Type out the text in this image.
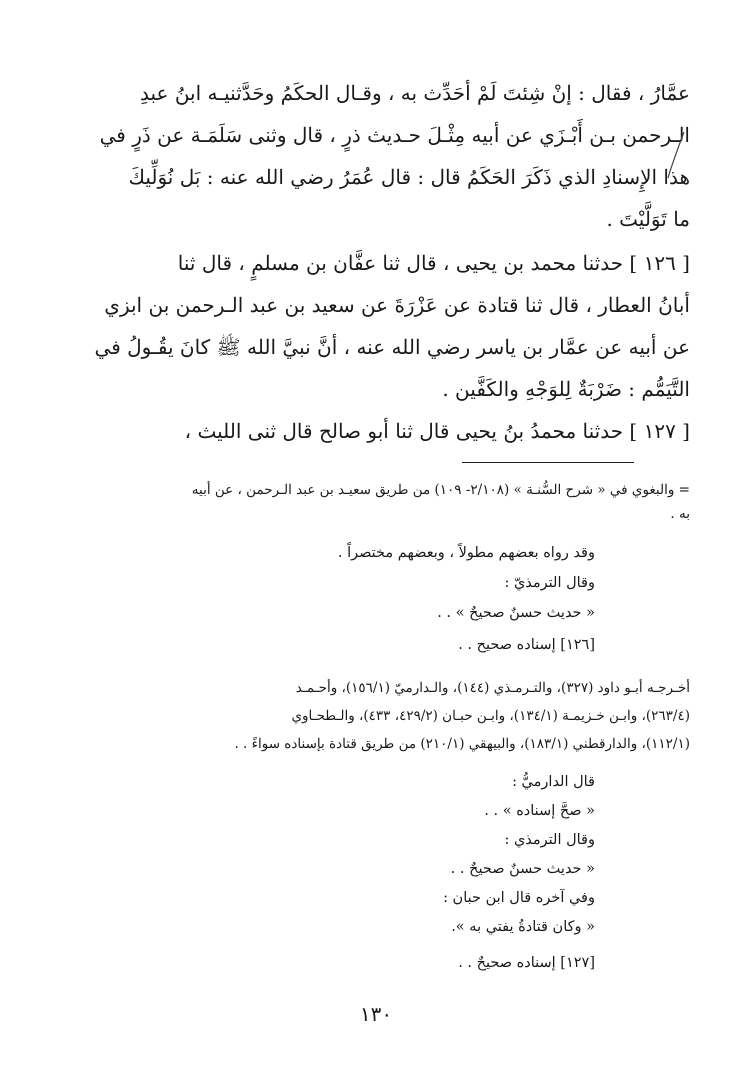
عمَّارُ ، فقال : إنْ شِئتَ لَمْ أحَدِّث به ، وقـال الحكَمُ وحَدَّثنيـه ابنُ عبدِ
الـرحمن بـن أَبْـزَي عن أبيه مِثْـلَ حـديث ذرٍ ، قال وثنى سَلَمَـة عن ذَرٍ في
هذا الإِسنادِ الذي ذَكَرَ الحَكَمُ قال : قال عُمَرُ رضي الله عنه : بَل نُوَلِّيكَ
ما تَوَلَّيْتَ .
[ ١٢٦ ] حدثنا محمد بن يحيى ، قال ثنا عفَّان بن مسلمٍ ، قال ثنا
أبانُ العطار ، قال ثنا قتادة عن عَزْرَةَ عن سعيد بن عبد الـرحمن بن ابزي
عن أبيه عن عمَّار بن ياسر رضي الله عنه ، أنَّ نبيَّ الله ﷺ كانَ يقُـولُ في
التَّيَمُّم : ضَرْبَةٌ لِلوَجْهِ والكَفَّين .
[ ١٢٧ ] حدثنا محمدُ بنُ يحيى قال ثنا أبو صالح قال ثنى الليث ،
= والبغوي في « شرح السُّنـة » (٢/١٠٨- ١٠٩) من طريق سعيـد بن عبد الـرحمن ، عن أبيه
به .
وقد رواه بعضهم مطولاً ، وبعضهم مختصراً .
وقال الترمذيّ :
« حديث حسنٌ صحيحٌ » . .
[١٢٦] إسناده صحيح . .
أخـرجـه أبـو داود (٣٢٧)، والتـرمـذي (١٤٤)، والـدارميّ (١٥٦/١)، وأحـمـد
(٢٦٣/٤)، وابـن خـزيمـة (١٣٤/١)، وابـن حبـان (٤٢٩/٢، ٤٣٣)، والـطحـاوي
(١١٢/١)، والدارقطني (١٨٣/١)، والبيهقي (٢١٠/١) من طريق قتادة بإسناده سواءً . .
قال الدارميُّ :
« صحَّ إسناده » . .
وقال الترمذي :
« حديث حسنٌ صحيحٌ . .
وفي آخره قال ابن حبان :
« وكان قتادةُ يفتي به ».
[١٢٧] إسناده صحيحٌ . .
١٣٠
